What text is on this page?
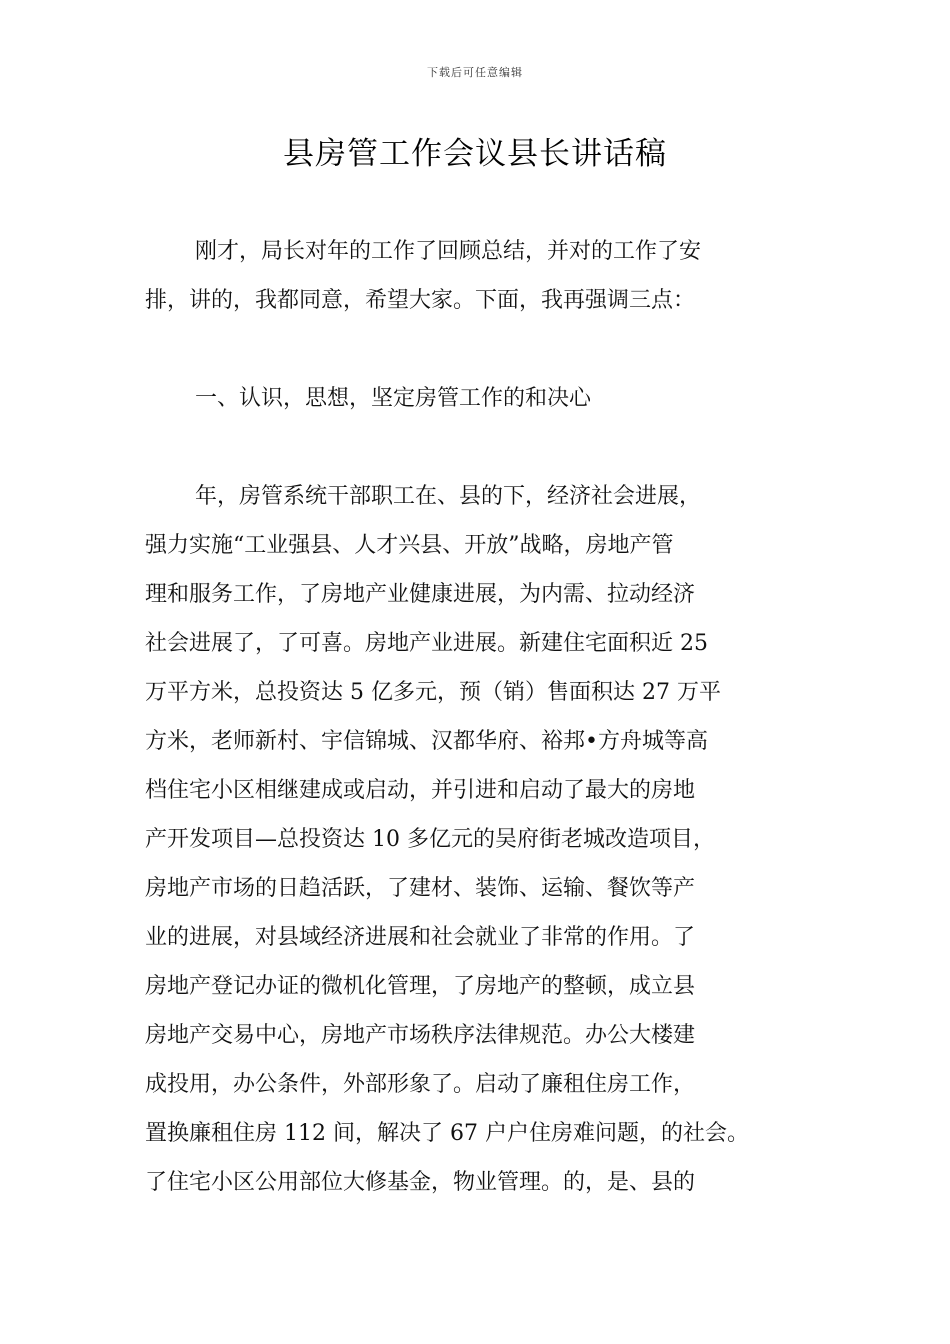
下载后可任意编辑
县房管工作会议县长讲话稿
刚才，局长对年的工作了回顾总结，并对的工作了安
排，讲的，我都同意，希望大家。下面，我再强调三点：
一、认识，思想，坚定房管工作的和决心
年，房管系统干部职工在、县的下，经济社会进展，
强力实施“工业强县、人才兴县、开放”战略，房地产管
理和服务工作，了房地产业健康进展，为内需、拉动经济
社会进展了，了可喜。房地产业进展。新建住宅面积近 25
万平方米，总投资达 5 亿多元，预（销）售面积达 27 万平
方米，老师新村、宇信锦城、汉都华府、裕邦•方舟城等高
档住宅小区相继建成或启动，并引进和启动了最大的房地
产开发项目—总投资达 10 多亿元的吴府街老城改造项目，
房地产市场的日趋活跃，了建材、装饰、运输、餐饮等产
业的进展，对县域经济进展和社会就业了非常的作用。了
房地产登记办证的微机化管理，了房地产的整顿，成立县
房地产交易中心，房地产市场秩序法律规范。办公大楼建
成投用，办公条件，外部形象了。启动了廉租住房工作，
置换廉租住房 112 间，解决了 67 户户住房难问题，的社会。
了住宅小区公用部位大修基金，物业管理。的，是、县的
